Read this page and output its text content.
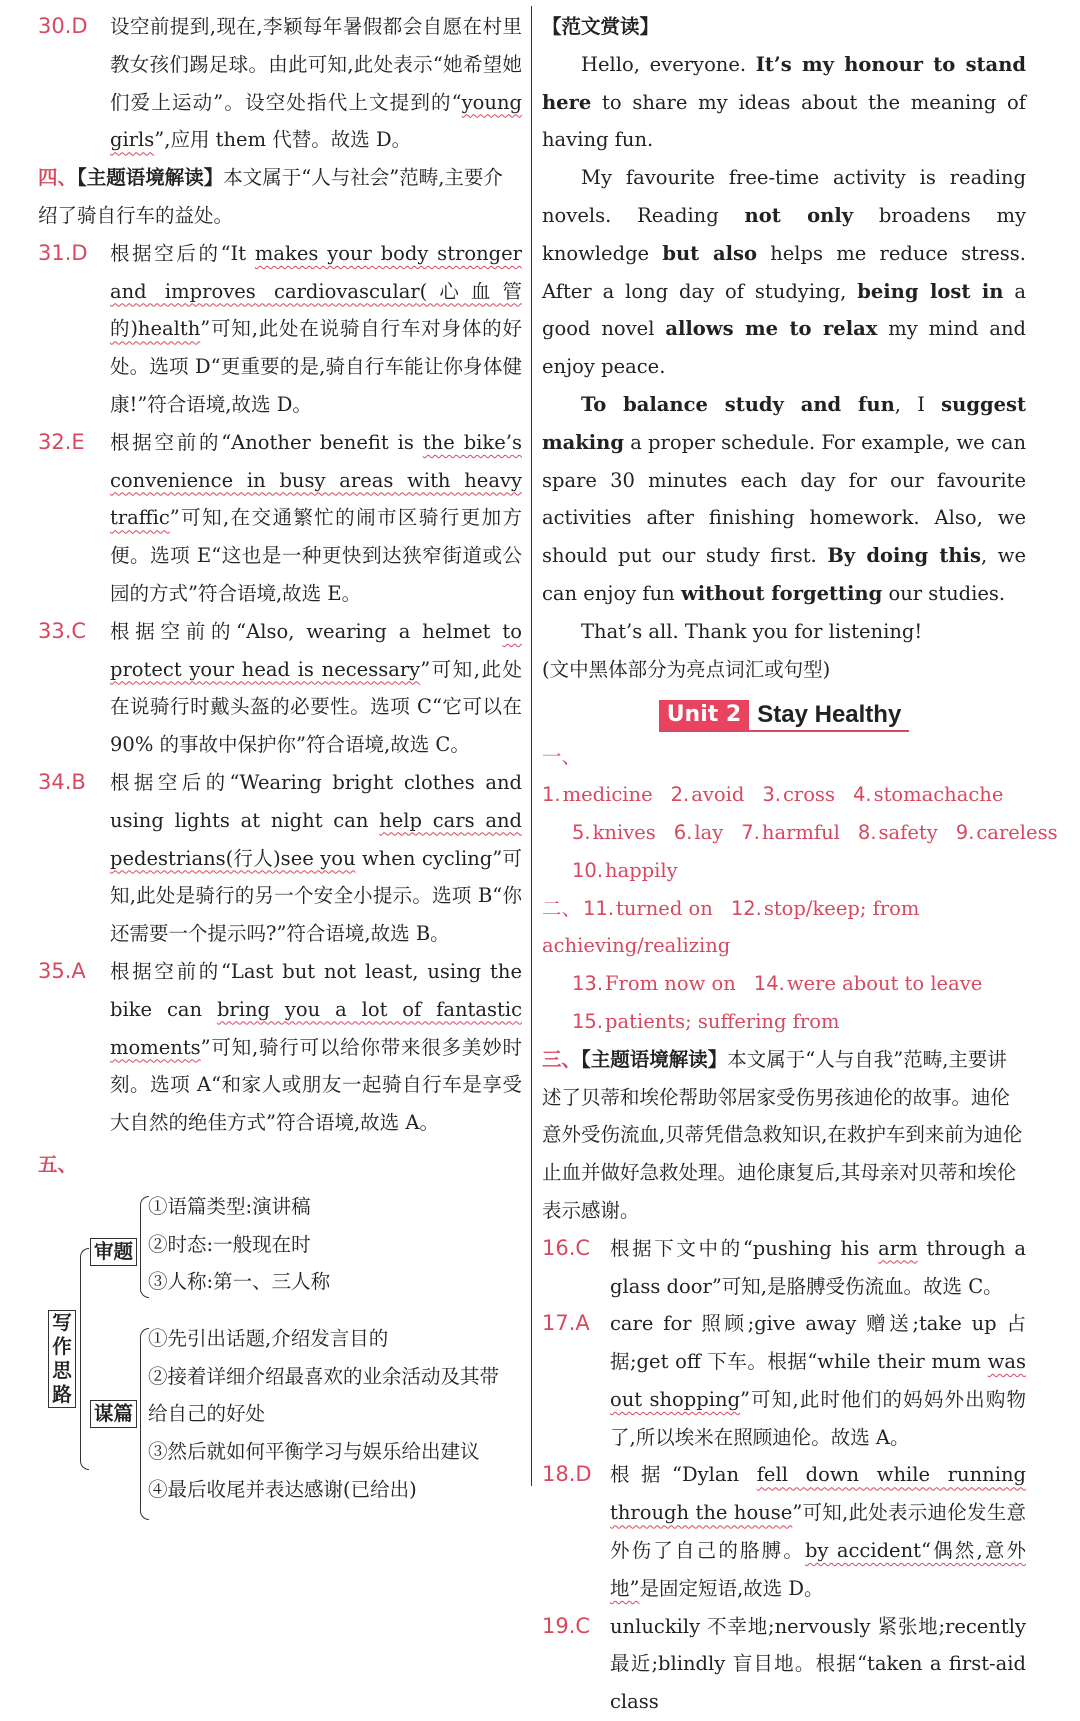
30.D	设空前提到,现在,李颖每年暑假都会自愿在村里教女孩们踢足球。由此可知,此处表示“她希望她们爱上运动”。设空处指代上文提到的“young girls”,应用 them 代替。故选 D。
四、【主题语境解读】本文属于“人与社会”范畴,主要介绍了骑自行车的益处。
31.D	根据空后的“It makes your body stronger and improves cardiovascular(心血管的)health”可知,此处在说骑自行车对身体的好处。选项 D“更重要的是,骑自行车能让你身体健康!”符合语境,故选 D。
32.E	根据空前的“Another benefit is the bike’s convenience in busy areas with heavy traffic”可知,在交通繁忙的闹市区骑行更加方便。选项 E“这也是一种更快到达狭窄街道或公园的方式”符合语境,故选 E。
33.C	根据空前的“Also, wearing a helmet to protect your head is necessary”可知,此处在说骑行时戴头盔的必要性。选项 C“它可以在 90% 的事故中保护你”符合语境,故选 C。
34.B	根据空后的“Wearing bright clothes and using lights at night can help cars and pedestrians(行人)see you when cycling”可知,此处是骑行的另一个安全小提示。选项 B“你还需要一个提示吗?”符合语境,故选 B。
35.A	根据空前的“Last but not least, using the bike can bring you a lot of fantastic moments”可知,骑行可以给你带来很多美妙时刻。选项 A“和家人或朋友一起骑自行车是享受大自然的绝佳方式”符合语境,故选 A。
五、
写作思路
审题
①语篇类型:演讲稿
②时态:一般现在时
③人称:第一、三人称
谋篇
①先引出话题,介绍发言目的
②接着详细介绍最喜欢的业余活动及其带给自己的好处
③然后就如何平衡学习与娱乐给出建议
④最后收尾并表达感谢(已给出)
【范文赏读】
Hello, everyone. It’s my honour to stand here to share my ideas about the meaning of having fun.
My favourite free-time activity is reading novels. Reading not only broadens my knowledge but also helps me reduce stress. After a long day of studying, being lost in a good novel allows me to relax my mind and enjoy peace.
To balance study and fun, I suggest making a proper schedule. For example, we can spare 30 minutes each day for our favourite activities after finishing homework. Also, we should put our study first. By doing this, we can enjoy fun without forgetting our studies.
That’s all. Thank you for listening!
(文中黑体部分为亮点词汇或句型)
Unit 2 Stay Healthy
一、1. medicine 2. avoid 3. cross 4. stomachache
5. knives 6. lay 7. harmful 8. safety 9. careless
10. happily
二、 11. turned on 12. stop/keep; from achieving/realizing
13. From now on 14. were about to leave
15. patients; suffering from
三、【主题语境解读】本文属于“人与自我”范畴,主要讲述了贝蒂和埃伦帮助邻居家受伤男孩迪伦的故事。迪伦意外受伤流血,贝蒂凭借急救知识,在救护车到来前为迪伦止血并做好急救处理。迪伦康复后,其母亲对贝蒂和埃伦表示感谢。
16.C	根据下文中的“pushing his arm through a glass door”可知,是胳膊受伤流血。故选 C。
17.A	care for 照顾;give away 赠送;take up 占据;get off 下车。根据“while their mum was out shopping”可知,此时他们的妈妈外出购物了,所以埃米在照顾迪伦。故选 A。
18.D 根据“Dylan fell down while running through the house”可知,此处表示迪伦发生意外伤了自己的胳膊。by accident“偶然,意外地”是固定短语,故选 D。
19.C	unluckily 不幸地;nervously 紧张地;recently 最近;blindly 盲目地。根据“taken a first-aid class
